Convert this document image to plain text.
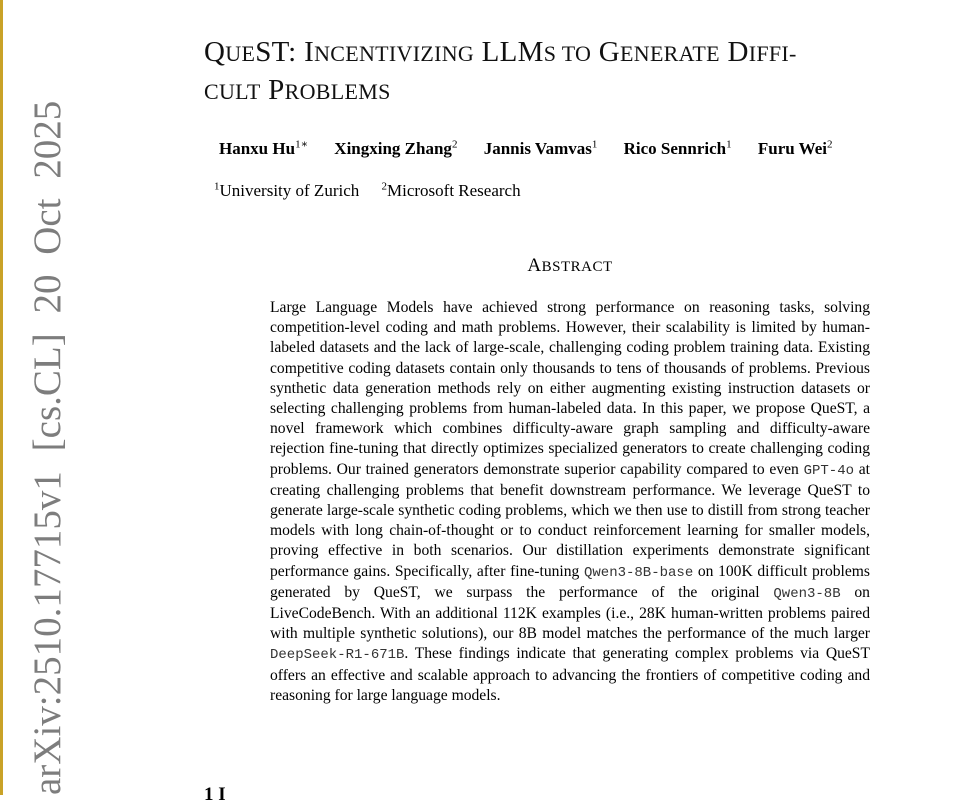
arXiv:2510.17715v1 [cs.CL] 20 Oct 2025
QUEST: INCENTIVIZING LLMS TO GENERATE DIFFI-
CULT PROBLEMS
Hanxu $Hu^{1∗}$ Xingxing Zhang$^2$ Jannis Vamvas$^1$ Rico Sennrich$^1$ Furu Wei$^2$
$^1$University of Zurich $^2$Microsoft Research
ABSTRACT
Large Language Models have achieved strong performance on reasoning tasks, solving competition-level coding and math problems. However, their scalability is limited by human-labeled datasets and the lack of large-scale, challenging coding problem training data. Existing competitive coding datasets contain only thousands to tens of thousands of problems. Previous synthetic data generation methods rely on either augmenting existing instruction datasets or selecting challenging problems from human-labeled data. In this paper, we propose QueST, a novel framework which combines difficulty-aware graph sampling and difficulty-aware rejection fine-tuning that directly optimizes specialized generators to create challenging coding problems. Our trained generators demonstrate superior capability compared to even GPT-4o at creating challenging problems that benefit downstream performance. We leverage QueST to generate large-scale synthetic coding problems, which we then use to distill from strong teacher models with long chain-of-thought or to conduct reinforcement learning for smaller models, proving effective in both scenarios. Our distillation experiments demonstrate significant performance gains. Specifically, after fine-tuning Qwen3-8B-base on 100K difficult problems generated by QueST, we surpass the performance of the original Qwen3-8B on LiveCodeBench. With an additional 112K examples (i.e., 28K human-written problems paired with multiple synthetic solutions), our 8B model matches the performance of the much larger DeepSeek-R1-671B. These findings indicate that generating complex problems via QueST offers an effective and scalable approach to advancing the frontiers of competitive coding and reasoning for large language models.
1 I
